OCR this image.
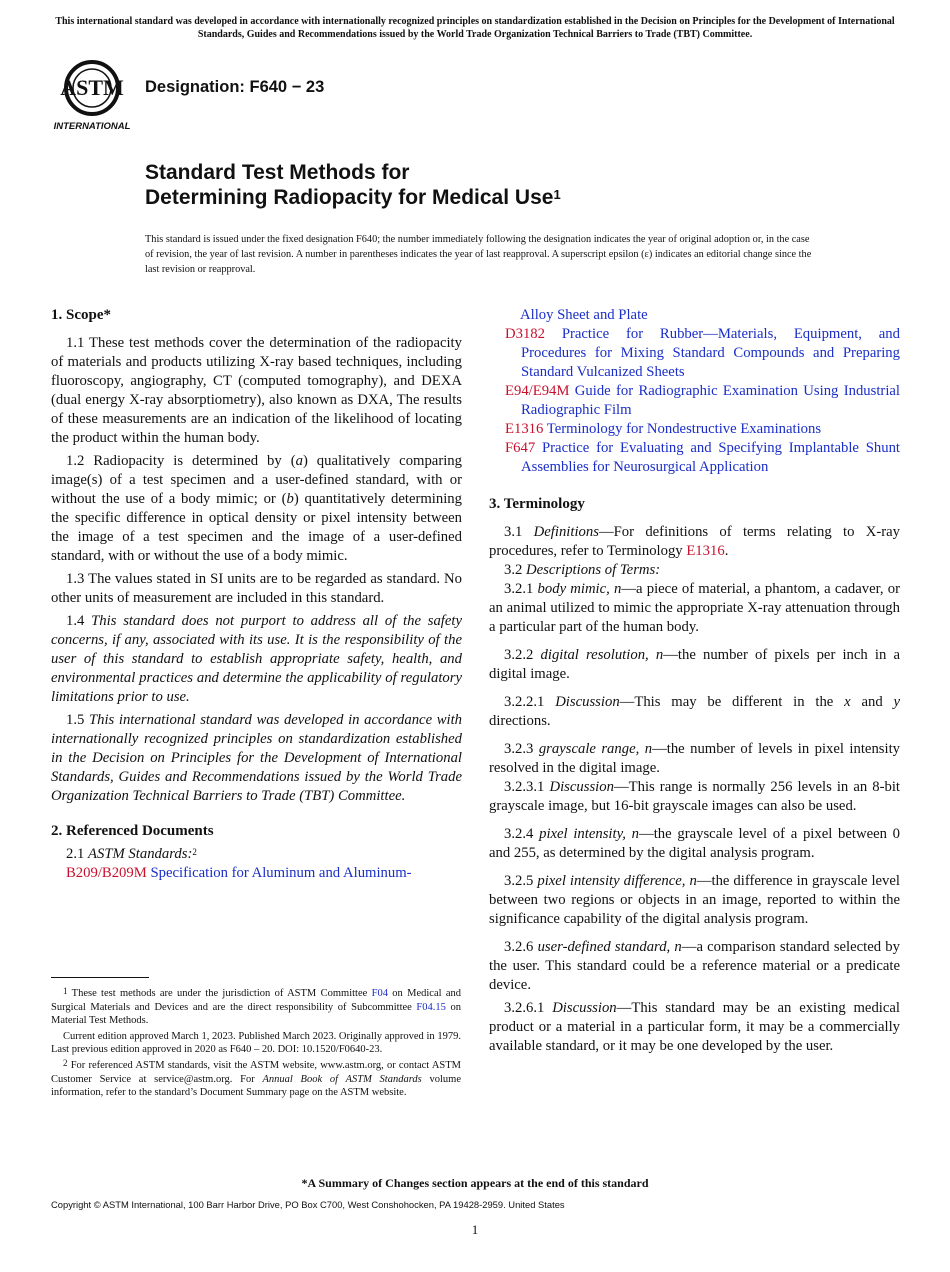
This international standard was developed in accordance with internationally recognized principles on standardization established in the Decision on Principles for the Development of International Standards, Guides and Recommendations issued by the World Trade Organization Technical Barriers to Trade (TBT) Committee.
ASTM
INTERNATIONAL
Designation: F640 − 23
Standard Test Methods for
Determining Radiopacity for Medical Use$^1$
This standard is issued under the fixed designation F640; the number immediately following the designation indicates the year of original adoption or, in the case of revision, the year of last revision. A number in parentheses indicates the year of last reapproval. A superscript epsilon (ε) indicates an editorial change since the last revision or reapproval.
1. Scope*

1.1 These test methods cover the determination of the radiopacity of materials and products utilizing X-ray based techniques, including fluoroscopy, angiography, CT (computed tomography), and DEXA (dual energy X-ray absorptiometry), also known as DXA, The results of these measurements are an indication of the likelihood of locating the product within the human body.

1.2 Radiopacity is determined by (a) qualitatively comparing image(s) of a test specimen and a user-defined standard, with or without the use of a body mimic; or (b) quantitatively determining the specific difference in optical density or pixel intensity between the image of a test specimen and the image of a user-defined standard, with or without the use of a body mimic.

1.3 The values stated in SI units are to be regarded as standard. No other units of measurement are included in this standard.

1.4 This standard does not purport to address all of the safety concerns, if any, associated with its use. It is the responsibility of the user of this standard to establish appropriate safety, health, and environmental practices and determine the applicability of regulatory limitations prior to use.

1.5 This international standard was developed in accordance with internationally recognized principles on standardization established in the Decision on Principles for the Development of International Standards, Guides and Recommendations issued by the World Trade Organization Technical Barriers to Trade (TBT) Committee.

2. Referenced Documents

2.1 ASTM Standards:$^2$

B209/B209M Specification for Aluminum and Aluminum-

Alloy Sheet and Plate

D3182 Practice for Rubber—Materials, Equipment, and Procedures for Mixing Standard Compounds and Preparing Standard Vulcanized Sheets

E94/E94M Guide for Radiographic Examination Using Industrial Radiographic Film

E1316 Terminology for Nondestructive Examinations

F647 Practice for Evaluating and Specifying Implantable Shunt Assemblies for Neurosurgical Application

3. Terminology

3.1 Definitions—For definitions of terms relating to X-ray procedures, refer to Terminology E1316.

3.2 Descriptions of Terms:

3.2.1 body mimic, n—a piece of material, a phantom, a cadaver, or an animal utilized to mimic the appropriate X-ray attenuation through a particular part of the human body.

3.2.2 digital resolution, n—the number of pixels per inch in a digital image.

3.2.2.1 Discussion—This may be different in the x and y directions.

3.2.3 grayscale range, n—the number of levels in pixel intensity resolved in the digital image.

3.2.3.1 Discussion—This range is normally 256 levels in an 8-bit grayscale image, but 16-bit grayscale images can also be used.

3.2.4 pixel intensity, n—the grayscale level of a pixel between 0 and 255, as determined by the digital analysis program.

3.2.5 pixel intensity difference, n—the difference in grayscale level between two regions or objects in an image, reported to within the significance capability of the digital analysis program.

3.2.6 user-defined standard, n—a comparison standard selected by the user. This standard could be a reference material or a predicate device.

3.2.6.1 Discussion—This standard may be an existing medical product or a material in a particular form, it may be a commercially available standard, or it may be one developed by the user.

$^1$ These test methods are under the jurisdiction of ASTM Committee F04 on Medical and Surgical Materials and Devices and are the direct responsibility of Subcommittee F04.15 on Material Test Methods.

Current edition approved March 1, 2023. Published March 2023. Originally approved in 1979. Last previous edition approved in 2020 as F640 – 20. DOI: 10.1520/F0640-23.

$^2$ For referenced ASTM standards, visit the ASTM website, www.astm.org, or contact ASTM Customer Service at service@astm.org. For Annual Book of ASTM Standards volume information, refer to the standard’s Document Summary page on the ASTM website.

*A Summary of Changes section appears at the end of this standard
Copyright © ASTM International, 100 Barr Harbor Drive, PO Box C700, West Conshohocken, PA 19428-2959. United States
1
